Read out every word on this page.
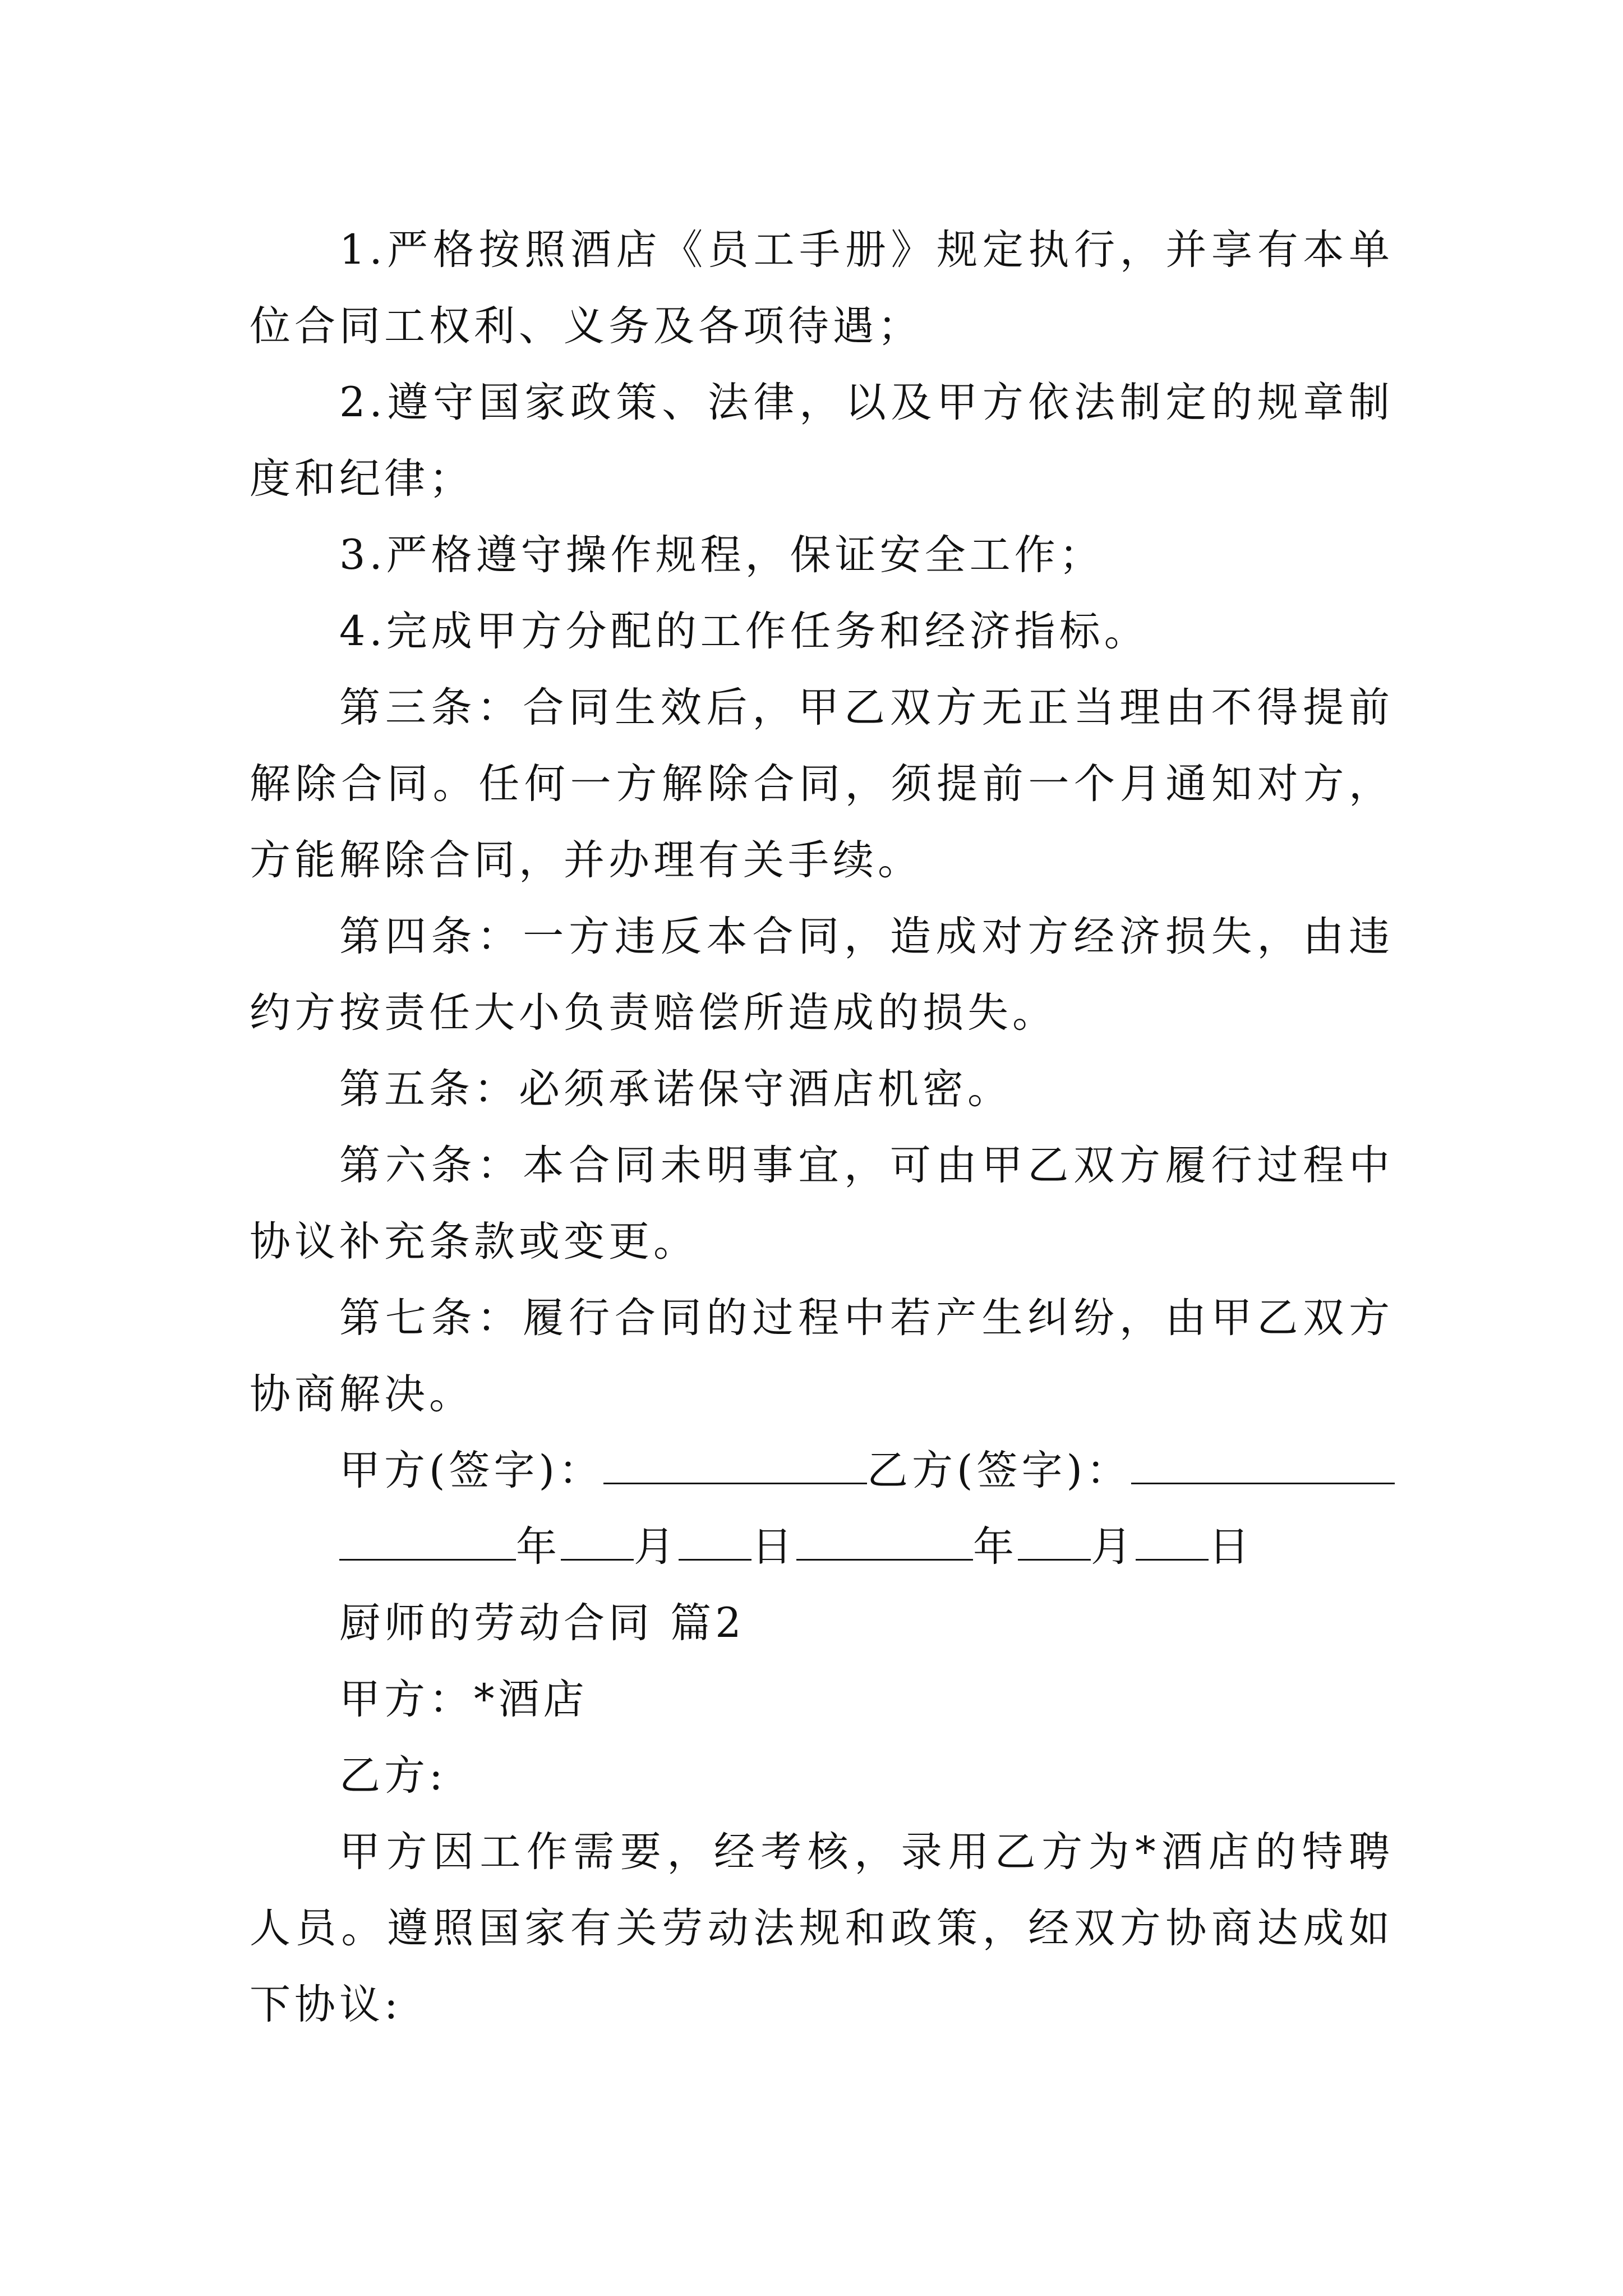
1.严格按照酒店《员工手册》规定执行，并享有本单位合同工权利、义务及各项待遇；

2.遵守国家政策、法律，以及甲方依法制定的规章制度和纪律；

3.严格遵守操作规程，保证安全工作；

4.完成甲方分配的工作任务和经济指标。

第三条：合同生效后，甲乙双方无正当理由不得提前解除合同。任何一方解除合同，须提前一个月通知对方，方能解除合同，并办理有关手续。

第四条：一方违反本合同，造成对方经济损失，由违约方按责任大小负责赔偿所造成的损失。

第五条：必须承诺保守酒店机密。

第六条：本合同未明事宜，可由甲乙双方履行过程中协议补充条款或变更。

第七条：履行合同的过程中若产生纠纷，由甲乙双方协商解决。

甲方(签字)：	乙方(签字)：

年 月 日	年 月 日

厨师的劳动合同 篇2

甲方：*酒店

乙方:

甲方因工作需要，经考核，录用乙方为*酒店的特聘人员。遵照国家有关劳动法规和政策，经双方协商达成如下协议:
